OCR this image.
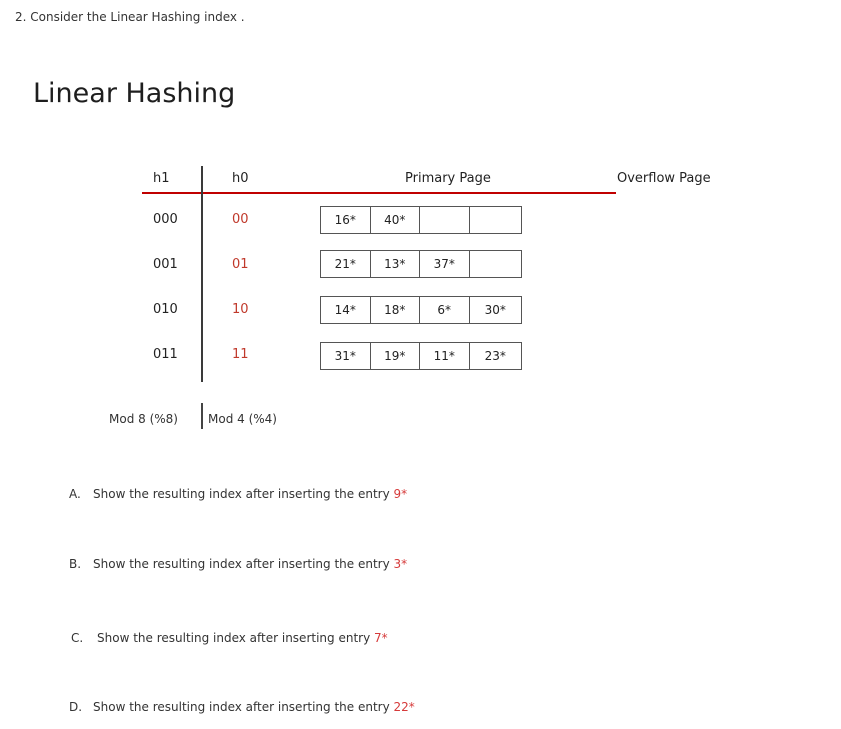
2. Consider the Linear Hashing index .
Linear Hashing
h1	h0	Primary Page	Overflow Page
000	00	16*	40*
001	01	21*	13*	37*
010	10	14*	18*	6*	30*
011	11	31*	19*	11*	23*
Mod 8 (%8)	Mod 4 (%4)
A. Show the resulting index after inserting the entry 9*
B. Show the resulting index after inserting the entry 3*
C. Show the resulting index after inserting entry 7*
D. Show the resulting index after inserting the entry 22*
